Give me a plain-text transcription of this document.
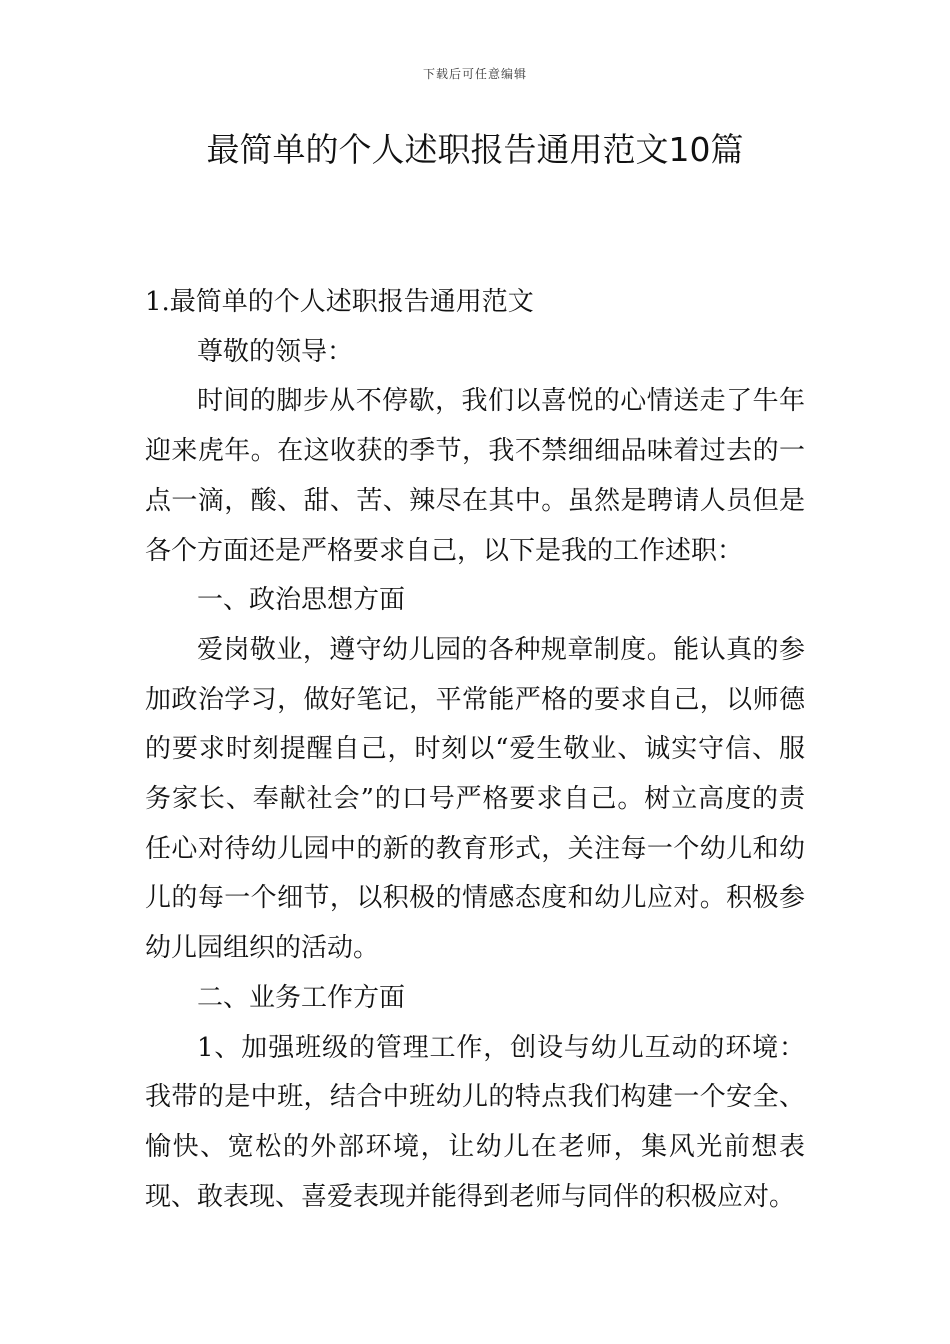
下载后可任意编辑
最简单的个人述职报告通用范文10篇

1.最简单的个人述职报告通用范文

尊敬的领导：

时间的脚步从不停歇，我们以喜悦的心情送走了牛年迎来虎年。在这收获的季节，我不禁细细品味着过去的一点一滴，酸、甜、苦、辣尽在其中。虽然是聘请人员但是各个方面还是严格要求自己，以下是我的工作述职：

一、政治思想方面

爱岗敬业，遵守幼儿园的各种规章制度。能认真的参加政治学习，做好笔记，平常能严格的要求自己，以师德的要求时刻提醒自己，时刻以“爱生敬业、诚实守信、服务家长、奉献社会”的口号严格要求自己。树立高度的责任心对待幼儿园中的新的教育形式，关注每一个幼儿和幼儿的每一个细节，以积极的情感态度和幼儿应对。积极参幼儿园组织的活动。

二、业务工作方面

1、加强班级的管理工作，创设与幼儿互动的环境：我带的是中班，结合中班幼儿的特点我们构建一个安全、愉快、宽松的外部环境，让幼儿在老师，集风光前想表现、敢表现、喜爱表现并能得到老师与同伴的积极应对。
